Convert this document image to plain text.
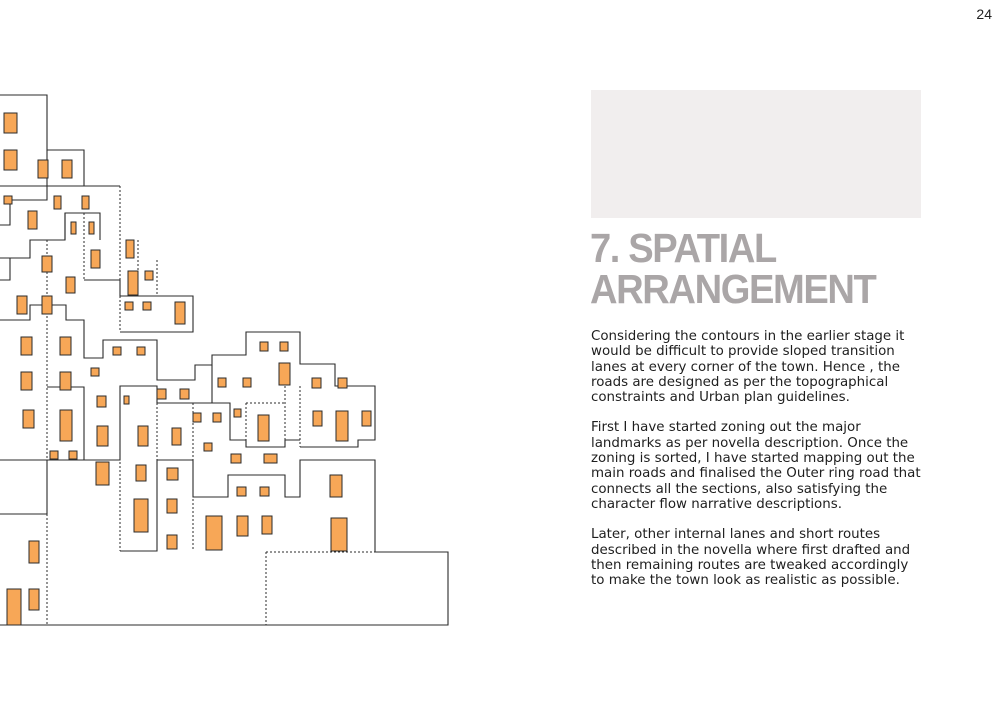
24
7. SPATIAL
ARRANGEMENT

Considering the contours in the earlier stage it would be difficult to provide sloped transition lanes at every corner of the town. Hence , the roads are designed as per the topographical constraints and Urban plan guidelines.

First I have started zoning out the major landmarks as per novella description. Once the zoning is sorted, I have started mapping out the main roads and finalised the Outer ring road that connects all the sections, also satisfying the character flow narrative descriptions.

Later, other internal lanes and short routes described in the novella where first drafted and then remaining routes are tweaked accordingly to make the town look as realistic as possible.
